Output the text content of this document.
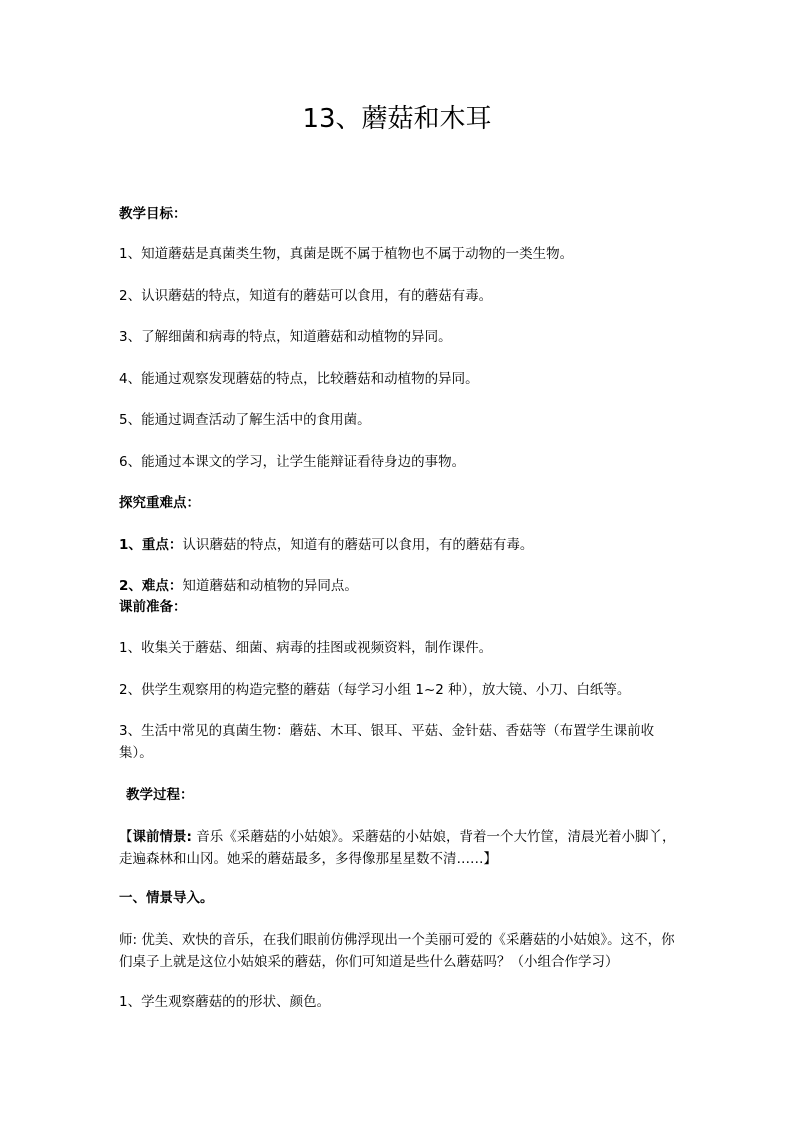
13、蘑菇和木耳

教学目标：

1、知道蘑菇是真菌类生物，真菌是既不属于植物也不属于动物的一类生物。

2、认识蘑菇的特点，知道有的蘑菇可以食用，有的蘑菇有毒。

3、了解细菌和病毒的特点，知道蘑菇和动植物的异同。

4、能通过观察发现蘑菇的特点，比较蘑菇和动植物的异同。

5、能通过调查活动了解生活中的食用菌。

6、能通过本课文的学习，让学生能辩证看待身边的事物。

探究重难点：

1、重点：认识蘑菇的特点，知道有的蘑菇可以食用，有的蘑菇有毒。

2、难点：知道蘑菇和动植物的异同点。

课前准备：

1、收集关于蘑菇、细菌、病毒的挂图或视频资料，制作课件。

2、供学生观察用的构造完整的蘑菇（每学习小组 1~2 种），放大镜、小刀、白纸等。

3、生活中常见的真菌生物：蘑菇、木耳、银耳、平菇、金针菇、香菇等（布置学生课前收集）。

教学过程：

【课前情景: 音乐《采蘑菇的小姑娘》。采蘑菇的小姑娘，背着一个大竹筐，清晨光着小脚丫，走遍森林和山冈。她采的蘑菇最多，多得像那星星数不清……】

一、情景导入。

师: 优美、欢快的音乐，在我们眼前仿佛浮现出一个美丽可爱的《采蘑菇的小姑娘》。这不，你们桌子上就是这位小姑娘采的蘑菇，你们可知道是些什么蘑菇吗？（小组合作学习）

1、学生观察蘑菇的的形状、颜色。
